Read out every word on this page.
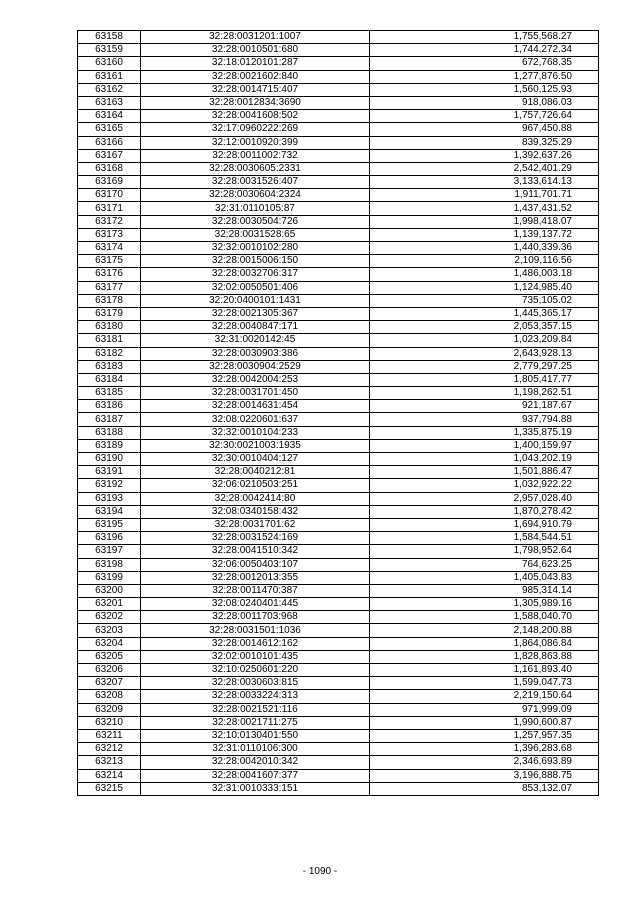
63158	32:28:0031201:1007	1,755,568.27
63159	32:28:0010501:680	1,744,272.34
63160	32:18:0120101:287	672,768.35
63161	32:28:0021602:840	1,277,876.50
63162	32:28:0014715:407	1,560,125.93
63163	32:28:0012834:3690	918,086.03
63164	32:28:0041608:502	1,757,726.64
63165	32:17:0960222:269	967,450.88
63166	32:12:0010920:399	839,325.29
63167	32:28:0011002:732	1,392,637.26
63168	32:28:0030605:2331	2,542,401.29
63169	32:28:0031526:407	3,133,614.13
63170	32:28:0030604:2324	1,911,701.71
63171	32:31:0110105:87	1,437,431.52
63172	32:28:0030504:726	1,998,418.07
63173	32:28:0031528:65	1,139,137.72
63174	32:32:0010102:280	1,440,339.36
63175	32:28:0015006:150	2,109,116.56
63176	32:28:0032706:317	1,486,003.18
63177	32:02:0050501:406	1,124,985.40
63178	32:20:0400101:1431	735,105.02
63179	32:28:0021305:367	1,445,365.17
63180	32:28:0040847:171	2,053,357.15
63181	32:31:0020142:45	1,023,209.84
63182	32:28:0030903:386	2,643,928.13
63183	32:28:0030904:2529	2,779,297.25
63184	32:28:0042004:253	1,805,417.77
63185	32:28:0031701:450	1,198,262.51
63186	32:28:0014631:454	921,187.67
63187	32:08:0220601:637	937,794.88
63188	32:32:0010104:233	1,335,875.19
63189	32:30:0021003:1935	1,400,159.97
63190	32:30:0010404:127	1,043,202.19
63191	32:28:0040212:81	1,501,886.47
63192	32:06:0210503:251	1,032,922.22
63193	32:28:0042414:80	2,957,028.40
63194	32:08:0340158:432	1,870,278.42
63195	32:28:0031701:62	1,694,910.79
63196	32:28:0031524:169	1,584,544.51
63197	32:28:0041510:342	1,798,952.64
63198	32:06:0050403:107	764,623.25
63199	32:28:0012013:355	1,405,043.83
63200	32:28:0011470:387	985,314.14
63201	32:08:0240401:445	1,305,989.16
63202	32:28:0011703:968	1,588,040.70
63203	32:28:0031501:1036	2,148,200.88
63204	32:28:0014612:162	1,864,086.84
63205	32:02:0010101:435	1,828,863.88
63206	32:10:0250601:220	1,161,893.40
63207	32:28:0030603:815	1,599,047.73
63208	32:28:0033224:313	2,219,150.64
63209	32:28:0021521:116	971,999.09
63210	32:28:0021711:275	1,990,600.87
63211	32:10:0130401:550	1,257,957.35
63212	32:31:0110106:300	1,396,283.68
63213	32:28:0042010:342	2,346,693.89
63214	32:28:0041607:377	3,196,888.75
63215	32:31:0010333:151	853,132.07
- 1090 -
